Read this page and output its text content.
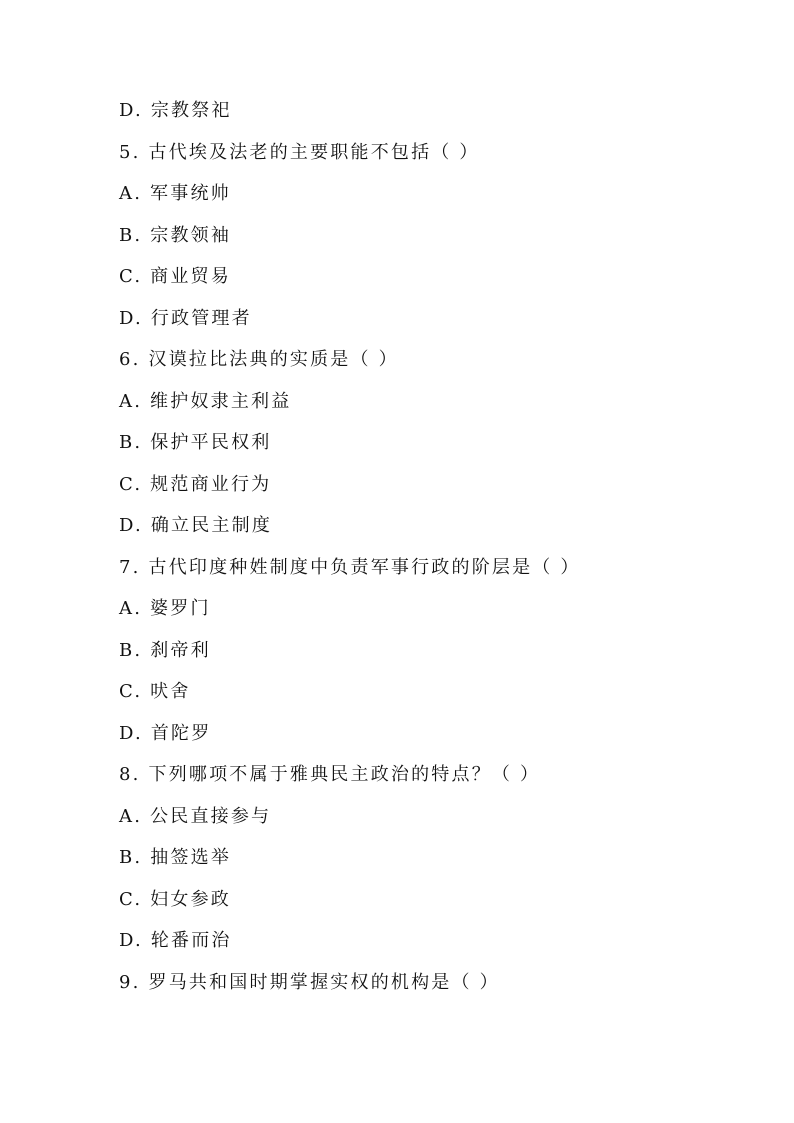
D. 宗教祭祀
5. 古代埃及法老的主要职能不包括（ ）
A. 军事统帅
B. 宗教领袖
C. 商业贸易
D. 行政管理者
6. 汉谟拉比法典的实质是（ ）
A. 维护奴隶主利益
B. 保护平民权利
C. 规范商业行为
D. 确立民主制度
7. 古代印度种姓制度中负责军事行政的阶层是（ ）
A. 婆罗门
B. 刹帝利
C. 吠舍
D. 首陀罗
8. 下列哪项不属于雅典民主政治的特点？（ ）
A. 公民直接参与
B. 抽签选举
C. 妇女参政
D. 轮番而治
9. 罗马共和国时期掌握实权的机构是（ ）
